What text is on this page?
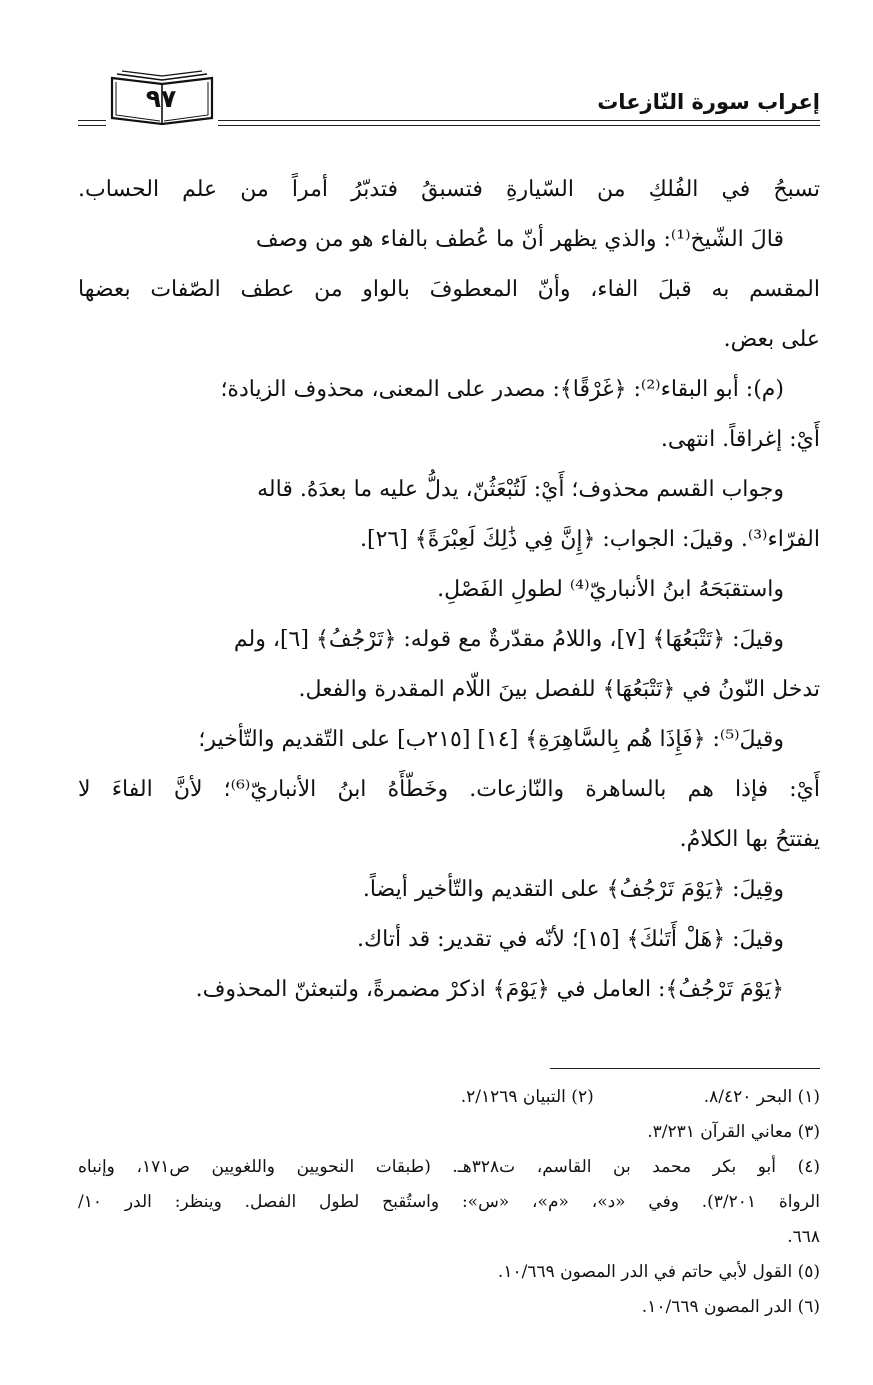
إعراب سورة النّازعات
٩٧
تسبحُ في الفُلكِ من السّيارةِ فتسبقُ فتدبّرُ أمراً من علم الحساب.
قالَ الشّيخ⁽¹⁾: والذي يظهر أنّ ما عُطف بالفاء هو من وصف
المقسم به قبلَ الفاء، وأنّ المعطوفَ بالواو من عطف الصّفات بعضها
على بعض.
(م): أبو البقاء⁽²⁾: ﴿غَرْقًا﴾: مصدر على المعنى، محذوف الزيادة؛
أَيْ: إغراقاً. انتهى.
وجواب القسم محذوف؛ أَيْ: لَتُبْعَثُنّ، يدلُّ عليه ما بعدَهُ. قاله
الفرّاء⁽³⁾. وقيلَ: الجواب: ﴿إِنَّ فِي ذَٰلِكَ لَعِبْرَةً﴾ [٢٦].
واستقبَحَهُ ابنُ الأنباريّ⁽⁴⁾ لطولِ الفَصْلِ.
وقيلَ: ﴿تَتْبَعُهَا﴾ [٧]، واللامُ مقدّرةٌ مع قوله: ﴿تَرْجُفُ﴾ [٦]، ولم
تدخل النّونُ في ﴿تَتْبَعُهَا﴾ للفصل بينَ اللّام المقدرة والفعل.
وقيلَ⁽⁵⁾: ﴿فَإِذَا هُم بِالسَّاهِرَةِ﴾ [١٤] [٢١٥ب] على التّقديم والتّأخير؛
أَيْ: فإذا هم بالساهرة والنّازعات. وخَطّأَهُ ابنُ الأنباريّ⁽⁶⁾؛ لأنَّ الفاءَ لا
يفتتحُ بها الكلامُ.
وقِيلَ: ﴿يَوْمَ تَرْجُفُ﴾ على التقديم والتّأخير أيضاً.
وقيلَ: ﴿هَلْ أَتَىٰكَ﴾ [١٥]؛ لأنّه في تقدير: قد أتاك.
﴿يَوْمَ تَرْجُفُ﴾: العامل في ﴿يَوْمَ﴾ اذكرْ مضمرةً، ولتبعثنّ المحذوف.
(١) البحر ٨/٤٢٠.
(٢) التبيان ٢/١٢٦٩.
(٣) معاني القرآن ٣/٢٣١.
(٤) أبو بكر محمد بن القاسم، ت٣٢٨هـ. (طبقات النحويين واللغويين ص١٧١، وإنباه
الرواة ٣/٢٠١). وفي «د»، «م»، «س»: واستُقبح لطول الفصل. وينظر: الدر ١٠/
٦٦٨.
(٥) القول لأبي حاتم في الدر المصون ١٠/٦٦٩.
(٦) الدر المصون ١٠/٦٦٩.
